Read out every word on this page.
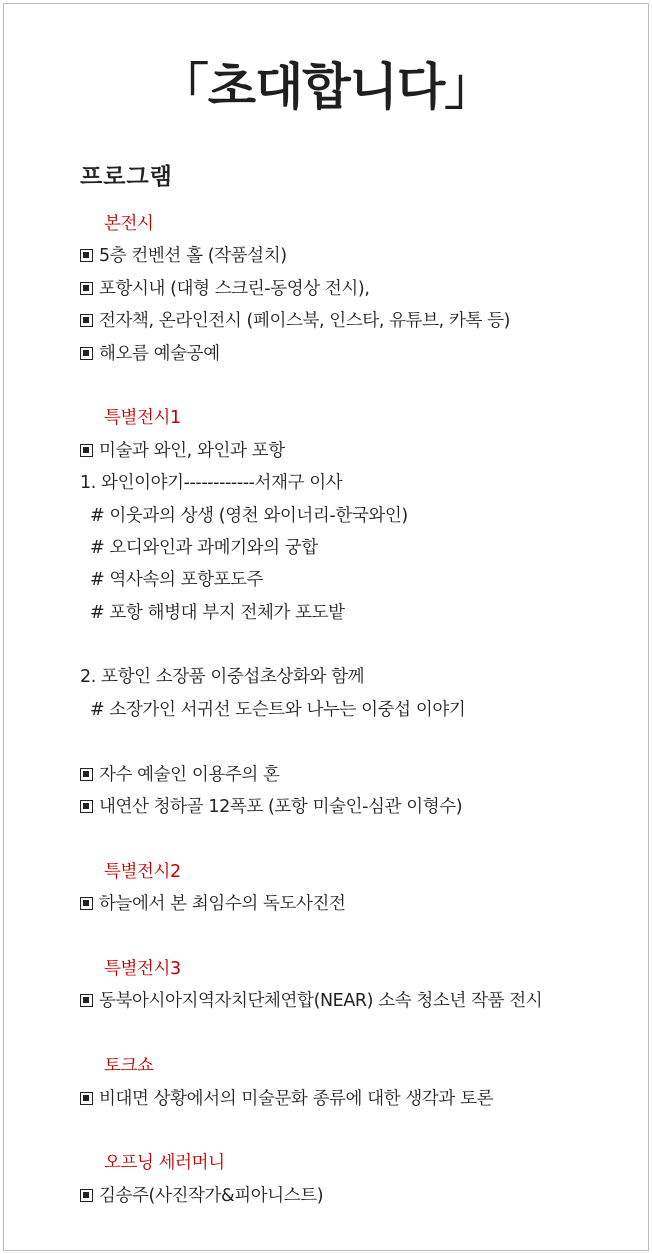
「초대합니다」
프로그램
본전시
5층 컨벤션 홀 (작품설치)
포항시내 (대형 스크린-동영상 전시),
전자책, 온라인전시 (페이스북, 인스타, 유튜브, 카톡 등)
해오름 예술공예
특별전시1
미술과 와인, 와인과 포항
1. 와인이야기------------서재구 이사
# 이웃과의 상생 (영천 와이너리-한국와인)
# 오디와인과 과메기와의 궁합
# 역사속의 포항포도주
# 포항 해병대 부지 전체가 포도밭
2. 포항인 소장품 이중섭초상화와 함께
# 소장가인 서귀선 도슨트와 나누는 이중섭 이야기
자수 예술인 이용주의 혼
내연산 청하골 12폭포 (포항 미술인-심관 이형수)
특별전시2
하늘에서 본 최임수의 독도사진전
특별전시3
동북아시아지역자치단체연합(NEAR) 소속 청소년 작품 전시
토크쇼
비대면 상황에서의 미술문화 종류에 대한 생각과 토론
오프닝 세러머니
김송주(사진작가&피아니스트)
